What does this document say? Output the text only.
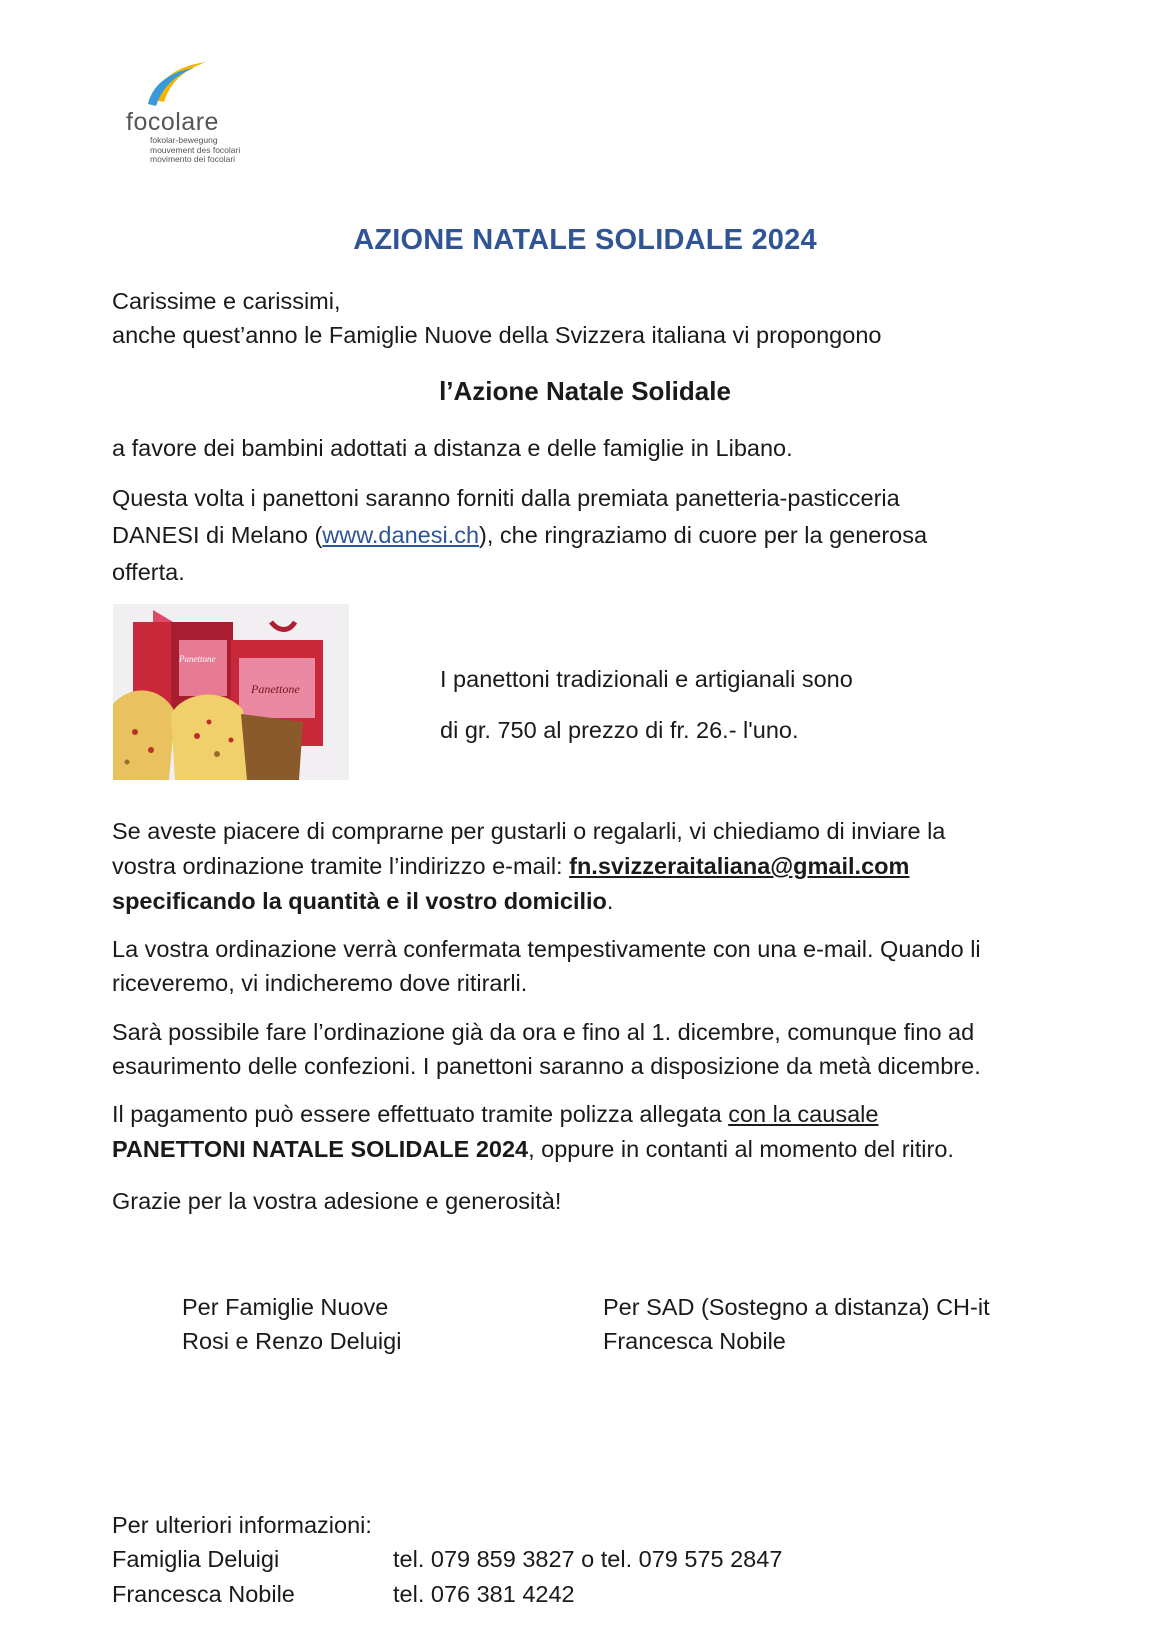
focolare
fokolar-bewegung
mouvement des focolari
movimento dei focolari
AZIONE NATALE SOLIDALE 2024
Carissime e carissimi,
anche quest’anno le Famiglie Nuove della Svizzera italiana vi propongono
l’Azione Natale Solidale
a favore dei bambini adottati a distanza e delle famiglie in Libano.
Questa volta i panettoni saranno forniti dalla premiata panetteria-pasticceria
DANESI di Melano (www.danesi.ch), che ringraziamo di cuore per la generosa
offerta.
Panettone
Panettone	I panettoni tradizionali e artigianali sono
di gr. 750 al prezzo di fr. 26.- l'uno.
Se aveste piacere di comprarne per gustarli o regalarli, vi chiediamo di inviare la
vostra ordinazione tramite l’indirizzo e-mail: fn.svizzeraitaliana@gmail.com
specificando la quantità e il vostro domicilio.
La vostra ordinazione verrà confermata tempestivamente con una e-mail. Quando li
riceveremo, vi indicheremo dove ritirarli.
Sarà possibile fare l’ordinazione già da ora e fino al 1. dicembre, comunque fino ad
esaurimento delle confezioni. I panettoni saranno a disposizione da metà dicembre.
Il pagamento può essere effettuato tramite polizza allegata con la causale
PANETTONI NATALE SOLIDALE 2024, oppure in contanti al momento del ritiro.
Grazie per la vostra adesione e generosità!
Per Famiglie Nuove
Rosi e Renzo Deluigi
Per SAD (Sostegno a distanza) CH-it
Francesca Nobile
Per ulteriori informazioni:
Famiglia Deluigi	tel. 079 859 3827 o tel. 079 575 2847
Francesca Nobile	tel. 076 381 4242
